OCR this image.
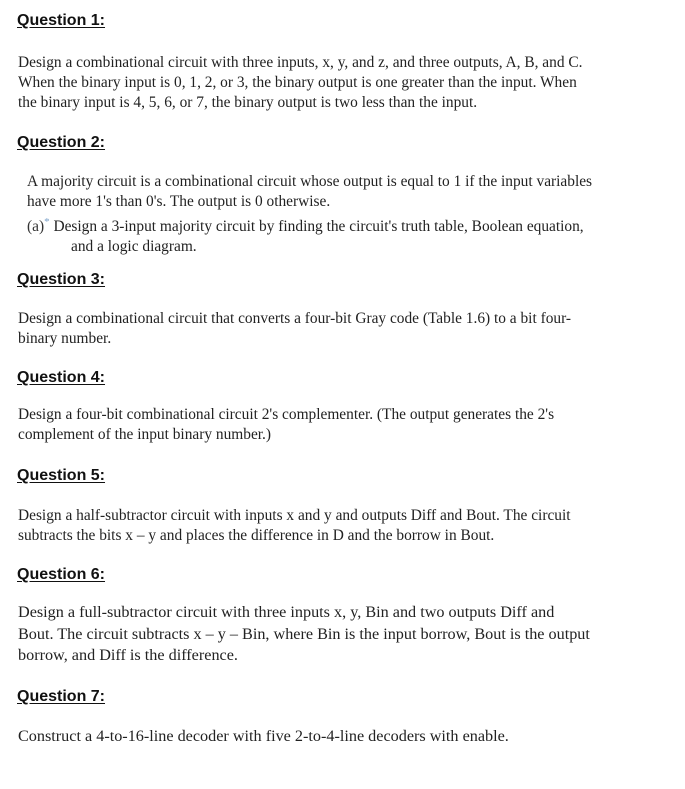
Question 1:
Design a combinational circuit with three inputs, x, y, and z, and three outputs, A, B, and C.
When the binary input is 0, 1, 2, or 3, the binary output is one greater than the input. When
the binary input is 4, 5, 6, or 7, the binary output is two less than the input.
Question 2:
A majority circuit is a combinational circuit whose output is equal to 1 if the input variables
have more 1's than 0's. The output is 0 otherwise.
(a)* Design a 3-input majority circuit by finding the circuit's truth table, Boolean equation,
and a logic diagram.
Question 3:
Design a combinational circuit that converts a four-bit Gray code (Table 1.6) to a bit four-
binary number.
Question 4:
Design a four-bit combinational circuit 2's complementer. (The output generates the 2's
complement of the input binary number.)
Question 5:
Design a half-subtractor circuit with inputs x and y and outputs Diff and Bout. The circuit
subtracts the bits x – y and places the difference in D and the borrow in Bout.
Question 6:
Design a full-subtractor circuit with three inputs x, y, Bin and two outputs Diff and
Bout. The circuit subtracts x – y – Bin, where Bin is the input borrow, Bout is the output
borrow, and Diff is the difference.
Question 7:
Construct a 4-to-16-line decoder with five 2-to-4-line decoders with enable.
